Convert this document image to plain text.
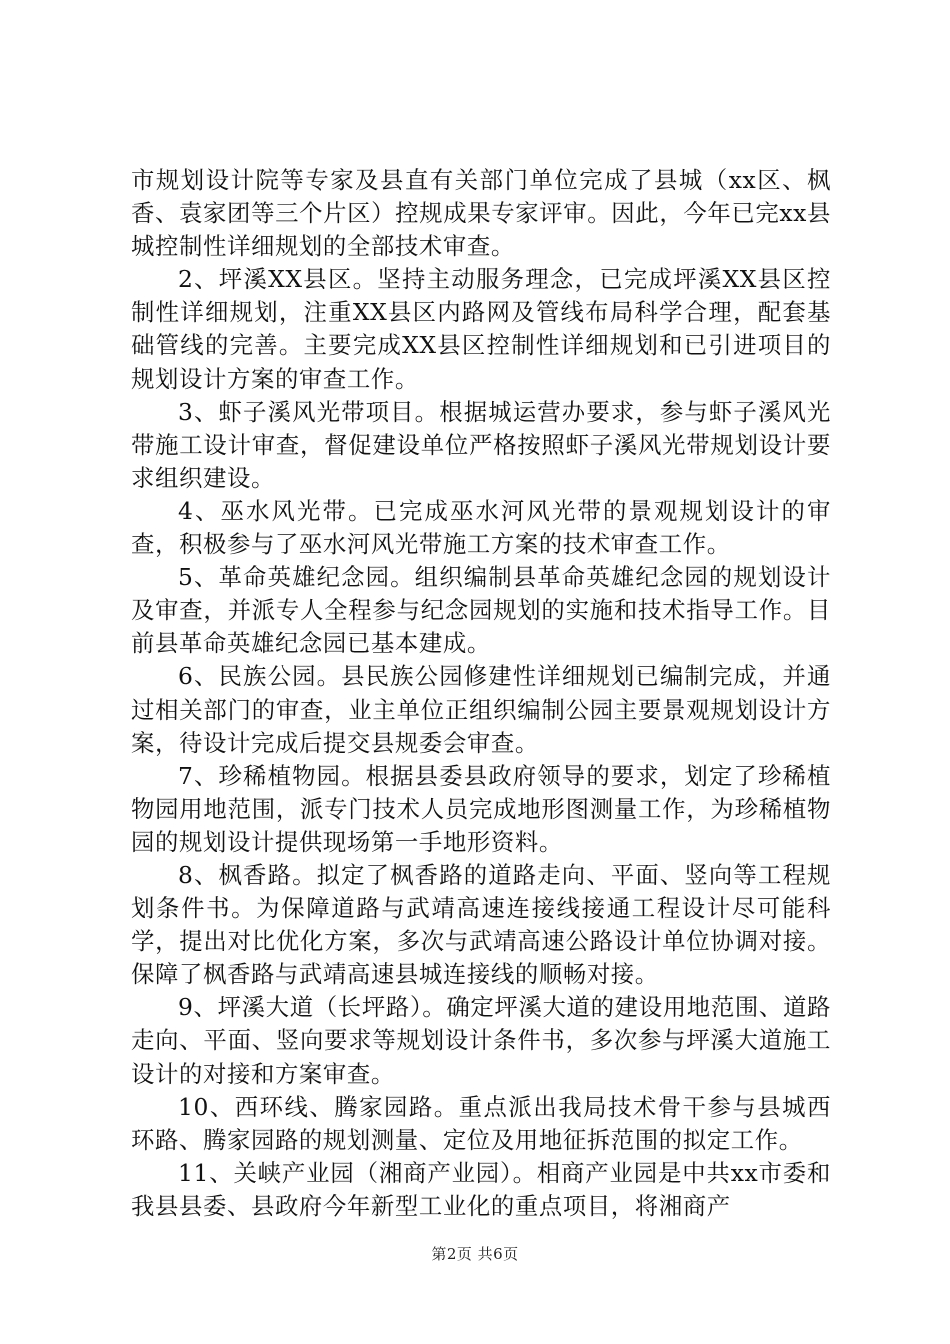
市规划设计院等专家及县直有关部门单位完成了县城（xx区、枫香、袁家团等三个片区）控规成果专家评审。因此，今年已完xx县城控制性详细规划的全部技术审查。

2、坪溪XX县区。坚持主动服务理念，已完成坪溪XX县区控制性详细规划，注重XX县区内路网及管线布局科学合理，配套基础管线的完善。主要完成XX县区控制性详细规划和已引进项目的规划设计方案的审查工作。

3、虾子溪风光带项目。根据城运营办要求，参与虾子溪风光带施工设计审查，督促建设单位严格按照虾子溪风光带规划设计要求组织建设。

4、巫水风光带。已完成巫水河风光带的景观规划设计的审查，积极参与了巫水河风光带施工方案的技术审查工作。

5、革命英雄纪念园。组织编制县革命英雄纪念园的规划设计及审查，并派专人全程参与纪念园规划的实施和技术指导工作。目前县革命英雄纪念园已基本建成。

6、民族公园。县民族公园修建性详细规划已编制完成，并通过相关部门的审查，业主单位正组织编制公园主要景观规划设计方案，待设计完成后提交县规委会审查。

7、珍稀植物园。根据县委县政府领导的要求，划定了珍稀植物园用地范围，派专门技术人员完成地形图测量工作，为珍稀植物园的规划设计提供现场第一手地形资料。

8、枫香路。拟定了枫香路的道路走向、平面、竖向等工程规划条件书。为保障道路与武靖高速连接线接通工程设计尽可能科学，提出对比优化方案，多次与武靖高速公路设计单位协调对接。保障了枫香路与武靖高速县城连接线的顺畅对接。

9、坪溪大道（长坪路）。确定坪溪大道的建设用地范围、道路走向、平面、竖向要求等规划设计条件书，多次参与坪溪大道施工设计的对接和方案审查。

10、西环线、腾家园路。重点派出我局技术骨干参与县城西环路、腾家园路的规划测量、定位及用地征拆范围的拟定工作。

11、关峡产业园（湘商产业园）。相商产业园是中共xx市委和我县县委、县政府今年新型工业化的重点项目，将湘商产

第2页 共6页
